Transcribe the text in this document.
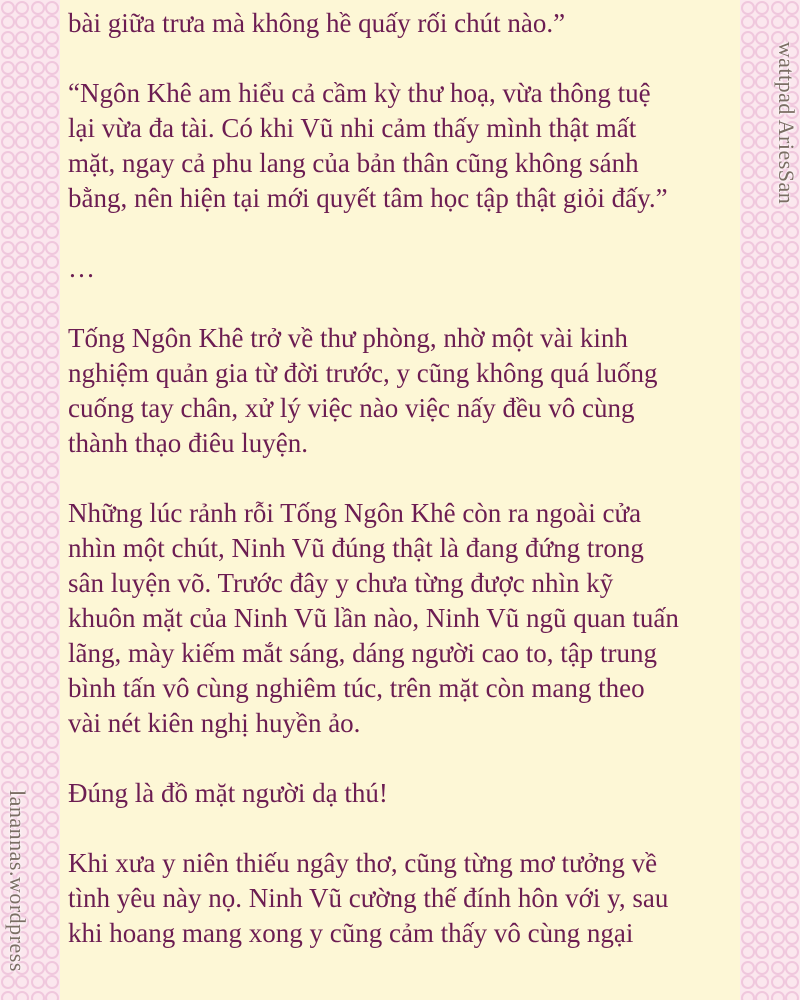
lanannas.wordpress
wattpad AriesSan

bài giữa trưa mà không hề quấy rối chút nào.”

“Ngôn Khê am hiểu cả cầm kỳ thư hoạ, vừa thông tuệ
lại vừa đa tài. Có khi Vũ nhi cảm thấy mình thật mất
mặt, ngay cả phu lang của bản thân cũng không sánh
bằng, nên hiện tại mới quyết tâm học tập thật giỏi đấy.”

…

Tống Ngôn Khê trở về thư phòng, nhờ một vài kinh
nghiệm quản gia từ đời trước, y cũng không quá luống
cuống tay chân, xử lý việc nào việc nấy đều vô cùng
thành thạo điêu luyện.

Những lúc rảnh rỗi Tống Ngôn Khê còn ra ngoài cửa
nhìn một chút, Ninh Vũ đúng thật là đang đứng trong
sân luyện võ. Trước đây y chưa từng được nhìn kỹ
khuôn mặt của Ninh Vũ lần nào, Ninh Vũ ngũ quan tuấn
lãng, mày kiếm mắt sáng, dáng người cao to, tập trung
bình tấn vô cùng nghiêm túc, trên mặt còn mang theo
vài nét kiên nghị huyền ảo.

Đúng là đồ mặt người dạ thú!

Khi xưa y niên thiếu ngây thơ, cũng từng mơ tưởng về
tình yêu này nọ. Ninh Vũ cường thế đính hôn với y, sau
khi hoang mang xong y cũng cảm thấy vô cùng ngại
